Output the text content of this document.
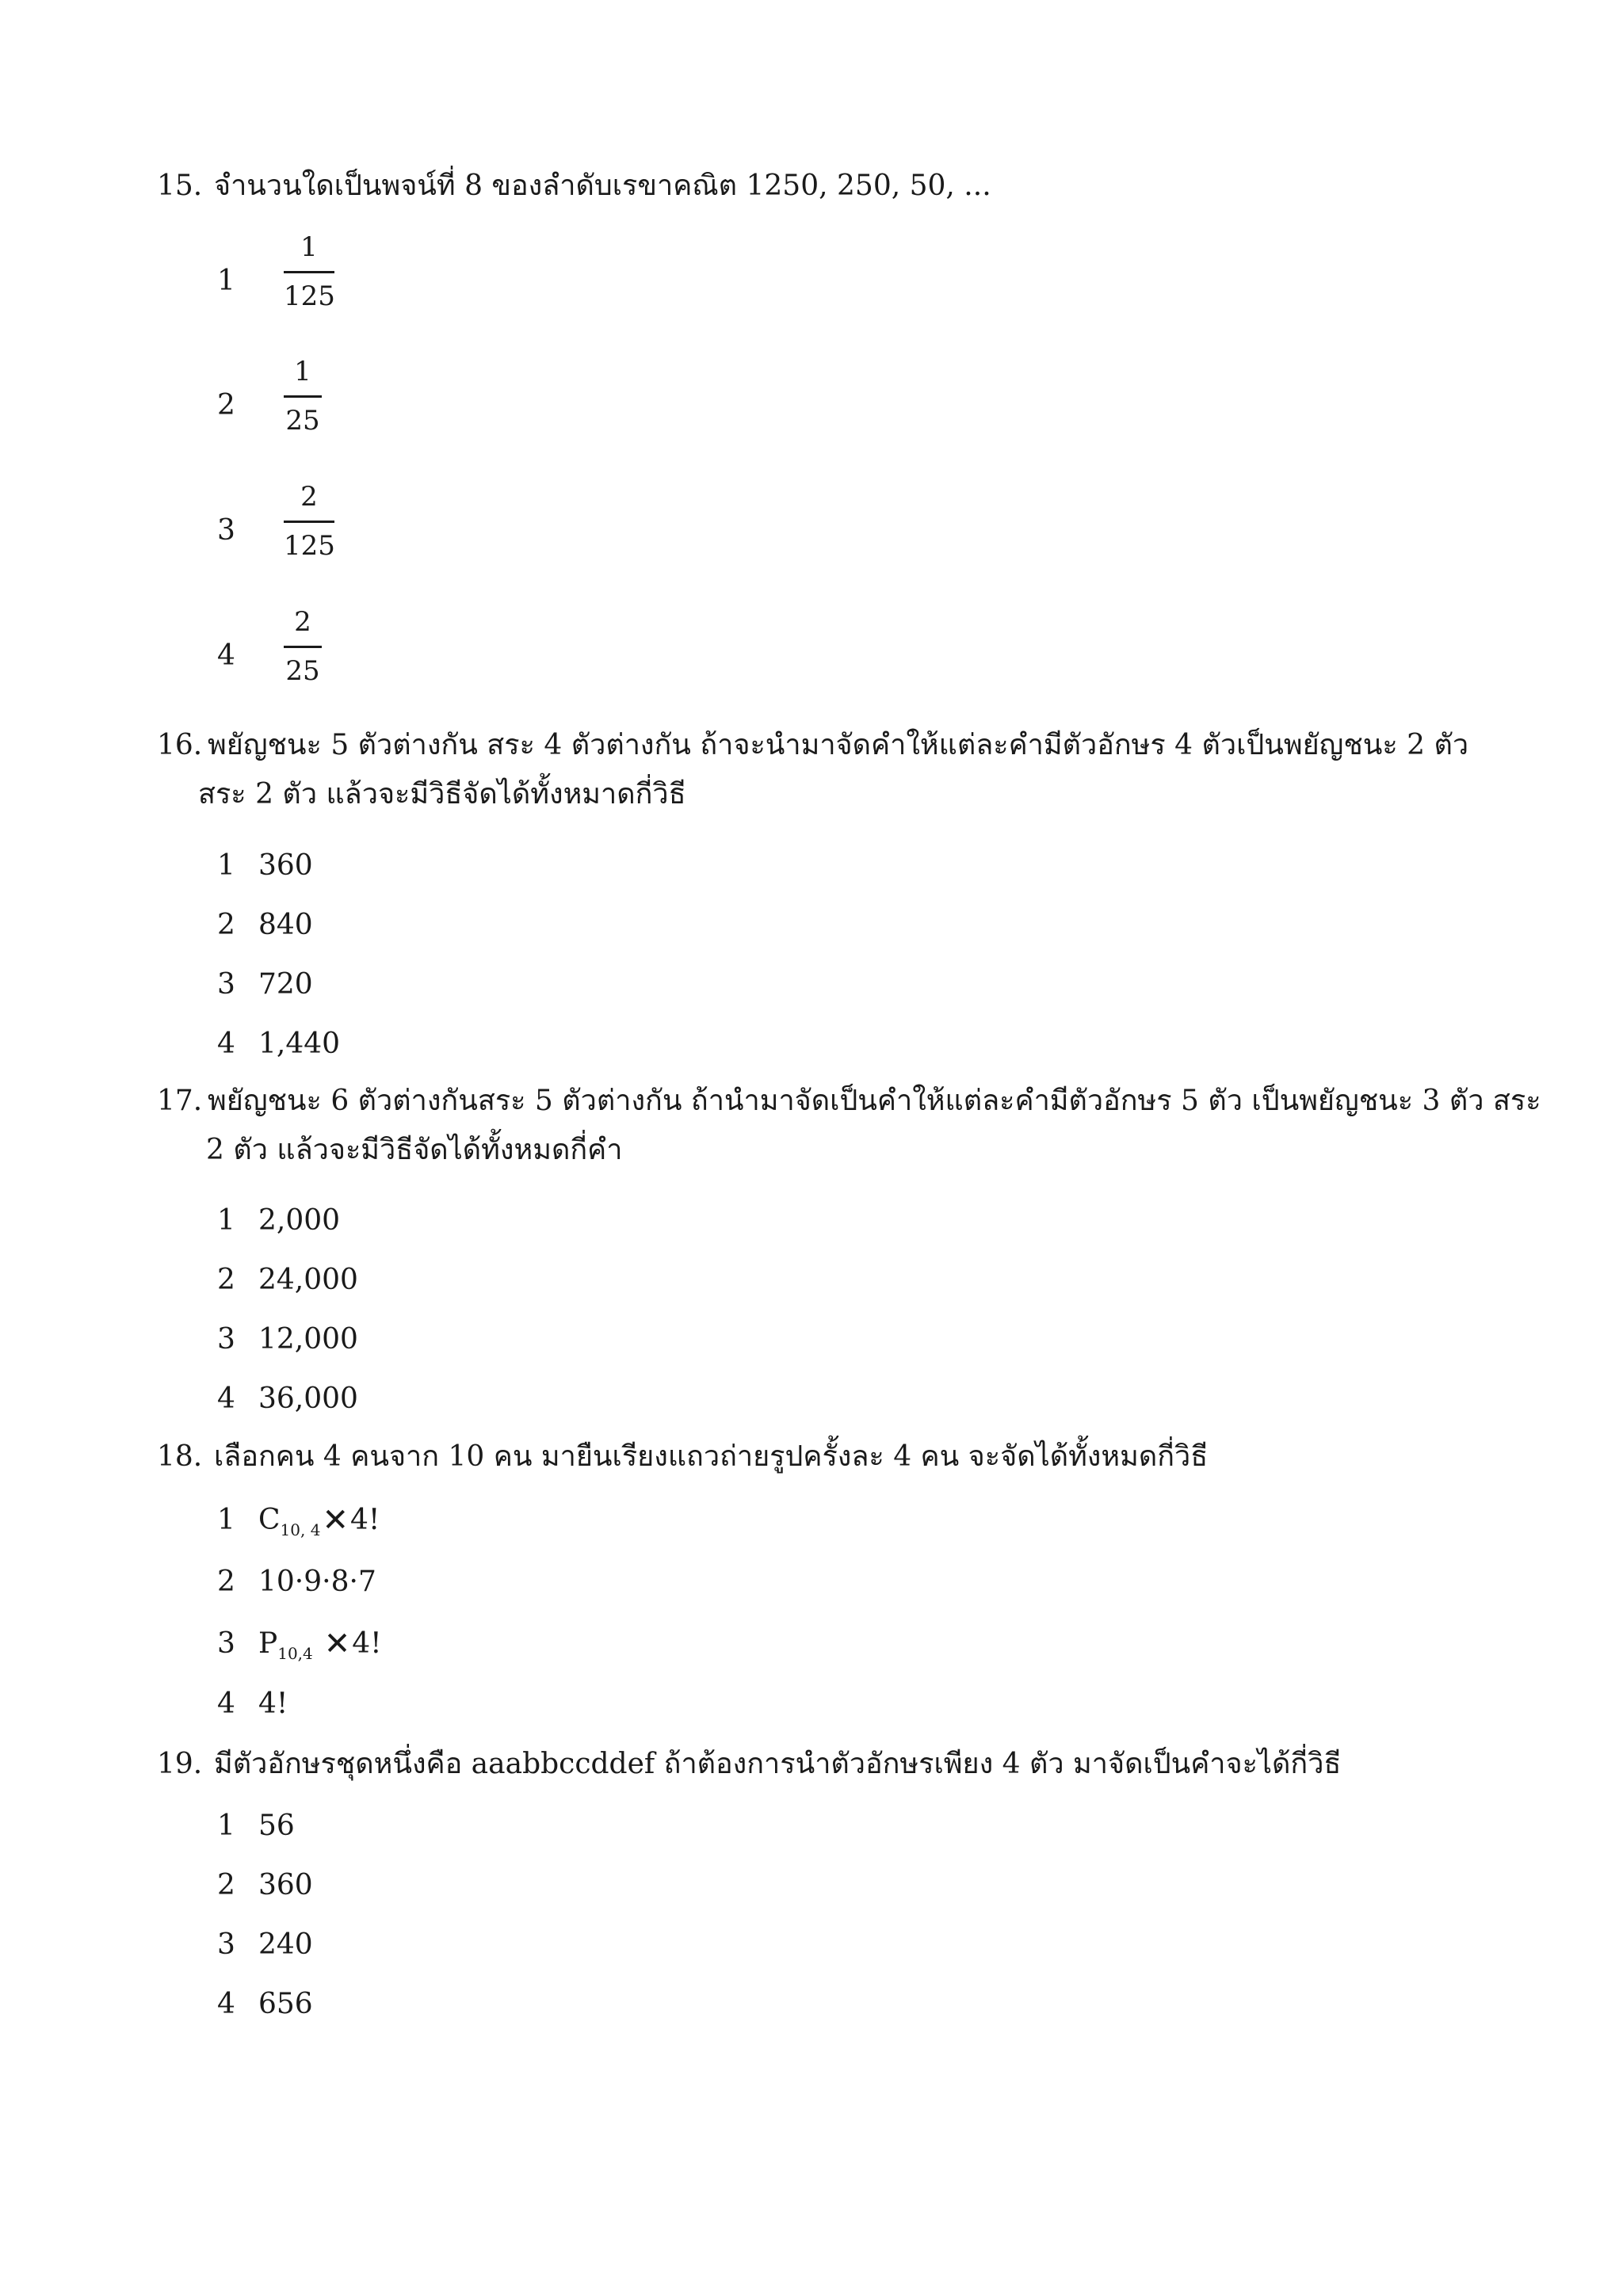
15. จำนวนใดเป็นพจน์ที่ 8 ของลำดับเรขาคณิต 1250, 250, 50, ...
1
1
125
2
1
25
3
2
125
4
2
25
16. พยัญชนะ 5 ตัวต่างกัน สระ 4 ตัวต่างกัน ถ้าจะนำมาจัดคำให้แต่ละคำมีตัวอักษร 4 ตัวเป็นพยัญชนะ 2 ตัว
สระ 2 ตัว แล้วจะมีวิธีจัดได้ทั้งหมาดกี่วิธี
1 360
2 840
3 720
4 1,440
17. พยัญชนะ 6 ตัวต่างกันสระ 5 ตัวต่างกัน ถ้านำมาจัดเป็นคำให้แต่ละคำมีตัวอักษร 5 ตัว เป็นพยัญชนะ 3 ตัว สระ
2 ตัว แล้วจะมีวิธีจัดได้ทั้งหมดกี่คำ
1 2,000
2 24,000
3 12,000
4 36,000
18. เลือกคน 4 คนจาก 10 คน มายืนเรียงแถวถ่ายรูปครั้งละ 4 คน จะจัดได้ทั้งหมดกี่วิธี
1 $C_{10, 4}✕4$!
2 10·9·8·7
3 $P_{10,4}$ ✕4!
4 4!
19. มีตัวอักษรชุดหนึ่งคือ aaabbccddef ถ้าต้องการนำตัวอักษรเพียง 4 ตัว มาจัดเป็นคำจะได้กี่วิธี
1 56
2 360
3 240
4 656
